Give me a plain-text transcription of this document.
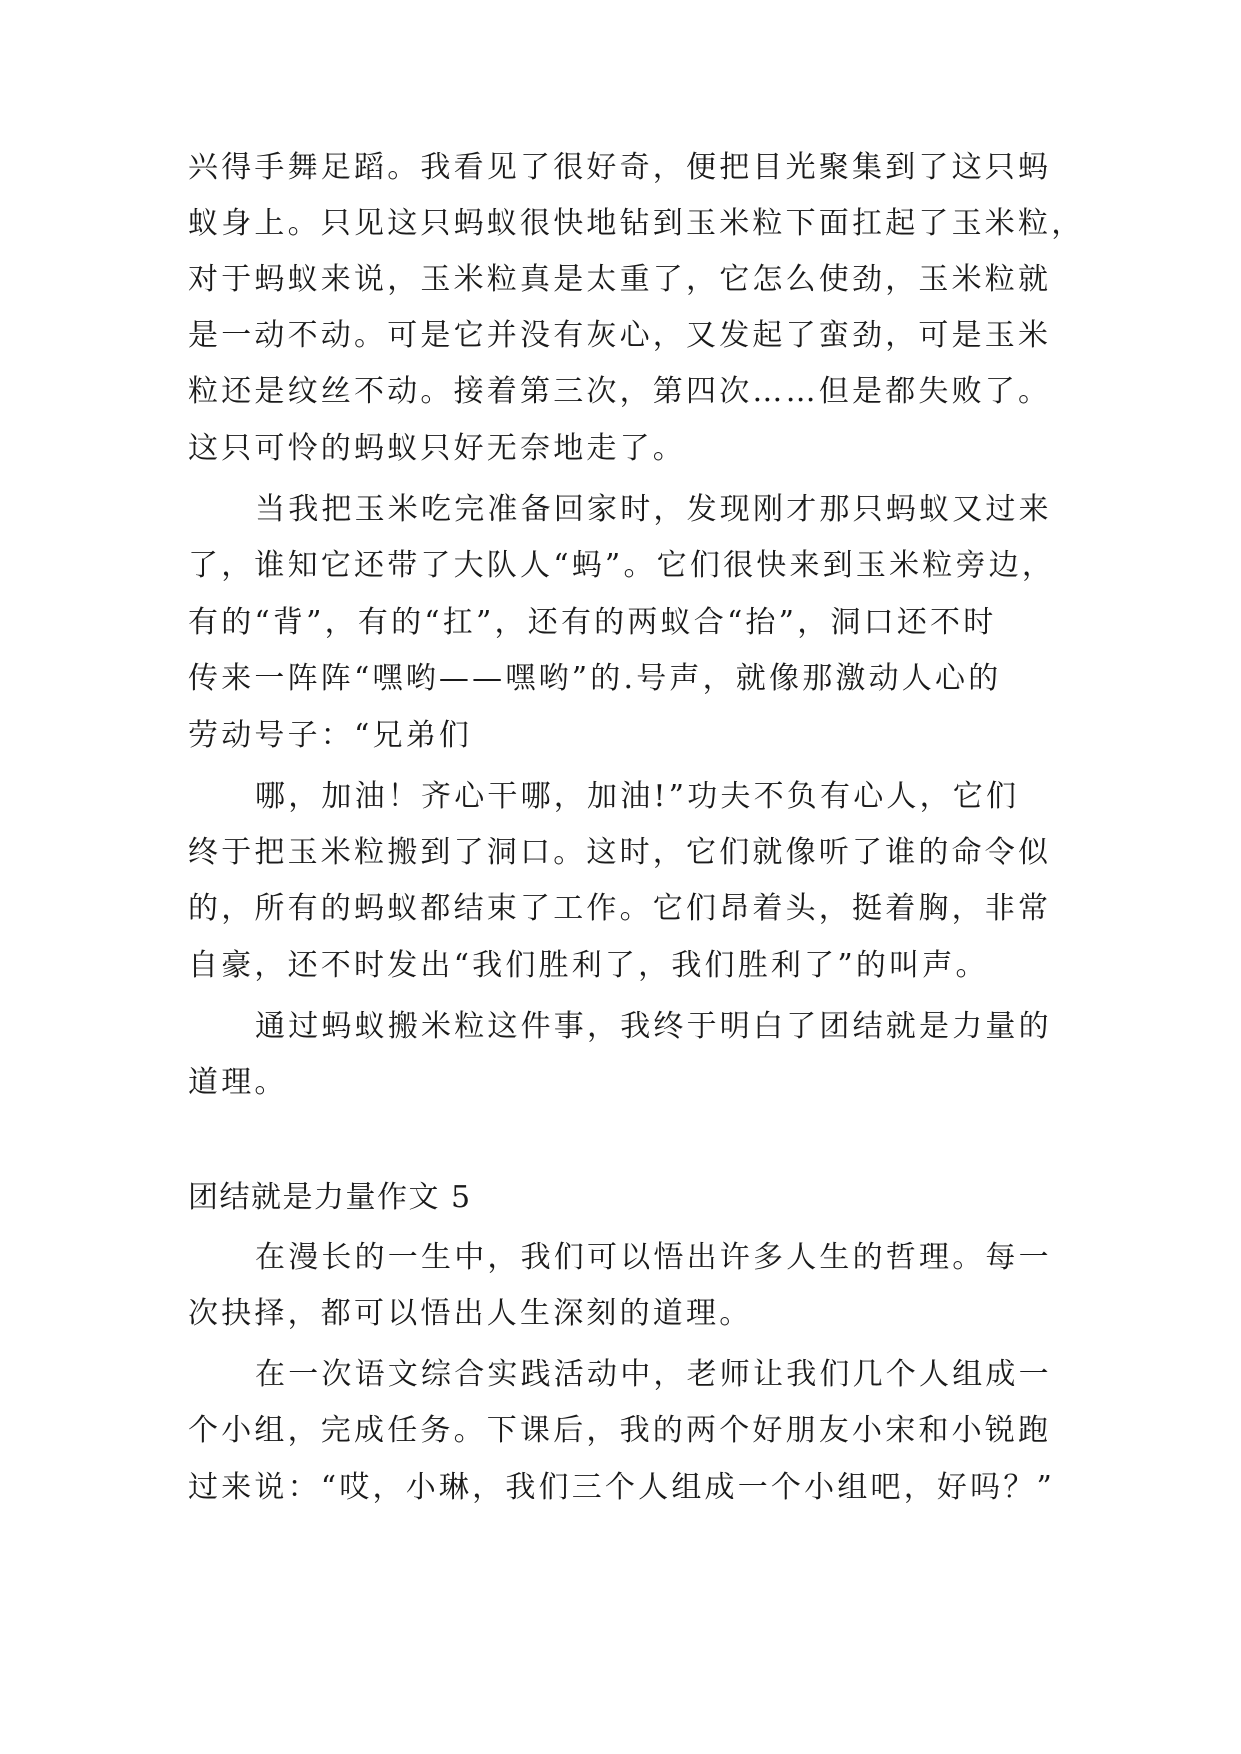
兴得手舞足蹈。我看见了很好奇，便把目光聚集到了这只蚂
蚁身上。只见这只蚂蚁很快地钻到玉米粒下面扛起了玉米粒，
对于蚂蚁来说，玉米粒真是太重了，它怎么使劲，玉米粒就
是一动不动。可是它并没有灰心，又发起了蛮劲，可是玉米
粒还是纹丝不动。接着第三次，第四次……但是都失败了。
这只可怜的蚂蚁只好无奈地走了。
当我把玉米吃完准备回家时，发现刚才那只蚂蚁又过来
了，谁知它还带了大队人“蚂”。它们很快来到玉米粒旁边，
有的“背”，有的“扛”，还有的两蚁合“抬”，洞口还不时
传来一阵阵“嘿哟——嘿哟”的.号声，就像那激动人心的
劳动号子：“兄弟们
哪，加油！齐心干哪，加油!”功夫不负有心人，它们
终于把玉米粒搬到了洞口。这时，它们就像听了谁的命令似
的，所有的蚂蚁都结束了工作。它们昂着头，挺着胸，非常
自豪，还不时发出“我们胜利了，我们胜利了”的叫声。
通过蚂蚁搬米粒这件事，我终于明白了团结就是力量的
道理。
团结就是力量作文 5
在漫长的一生中，我们可以悟出许多人生的哲理。每一
次抉择，都可以悟出人生深刻的道理。
在一次语文综合实践活动中，老师让我们几个人组成一
个小组，完成任务。下课后，我的两个好朋友小宋和小锐跑
过来说：“哎，小琳，我们三个人组成一个小组吧，好吗？”
